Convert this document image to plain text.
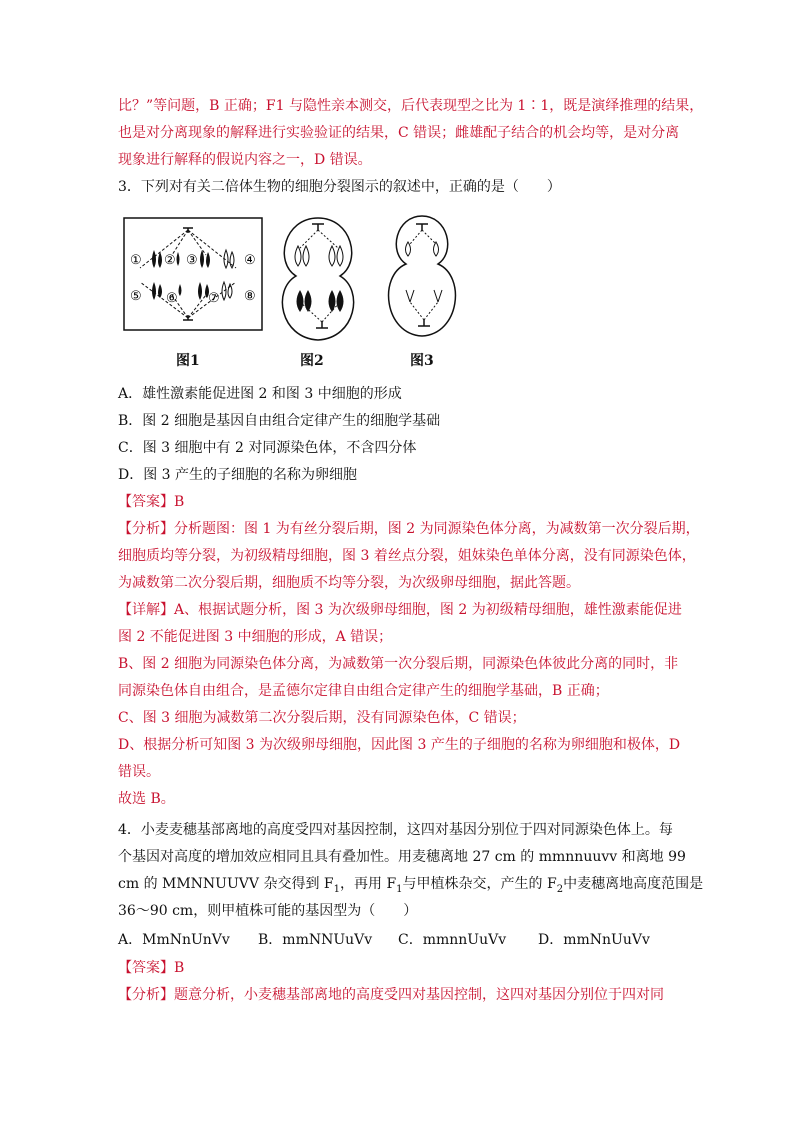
比？”等问题，B 正确；F1 与隐性亲本测交，后代表现型之比为 1∶1，既是演绎推理的结果，
也是对分离现象的解释进行实验验证的结果，C 错误；雌雄配子结合的机会均等，是对分离
现象进行解释的假说内容之一，D 错误。
3．下列对有关二倍体生物的细胞分裂图示的叙述中，正确的是（　　）
① ② ③	④
⑤ ⑥ ⑦ ⑧
图1	图2	图3
A．雄性激素能促进图 2 和图 3 中细胞的形成
B．图 2 细胞是基因自由组合定律产生的细胞学基础
C．图 3 细胞中有 2 对同源染色体，不含四分体
D．图 3 产生的子细胞的名称为卵细胞
【答案】B
【分析】分析题图：图 1 为有丝分裂后期，图 2 为同源染色体分离，为减数第一次分裂后期，
细胞质均等分裂，为初级精母细胞，图 3 着丝点分裂，姐妹染色单体分离，没有同源染色体，
为减数第二次分裂后期，细胞质不均等分裂，为次级卵母细胞，据此答题。
【详解】A、根据试题分析，图 3 为次级卵母细胞，图 2 为初级精母细胞，雄性激素能促进
图 2 不能促进图 3 中细胞的形成，A 错误；
B、图 2 细胞为同源染色体分离，为减数第一次分裂后期，同源染色体彼此分离的同时，非
同源染色体自由组合，是孟德尔定律自由组合定律产生的细胞学基础，B 正确；
C、图 3 细胞为减数第二次分裂后期，没有同源染色体，C 错误；
D、根据分析可知图 3 为次级卵母细胞，因此图 3 产生的子细胞的名称为卵细胞和极体，D
错误。
故选 B。
4．小麦麦穗基部离地的高度受四对基因控制，这四对基因分别位于四对同源染色体上。每
个基因对高度的增加效应相同且具有叠加性。用麦穗离地 27 cm 的 mmnnuuvv 和离地 99
cm 的 MMNNUUVV 杂交得到 $F_1$，再用 $F_1$与甲植株杂交，产生的 $F_2$中麦穗离地高度范围是
36～90 cm，则甲植株可能的基因型为（　　）
A．MmNnUnVv B．mmNNUuVv C．mmnnUuVv D．mmNnUuVv
【答案】B
【分析】题意分析，小麦穗基部离地的高度受四对基因控制，这四对基因分别位于四对同
